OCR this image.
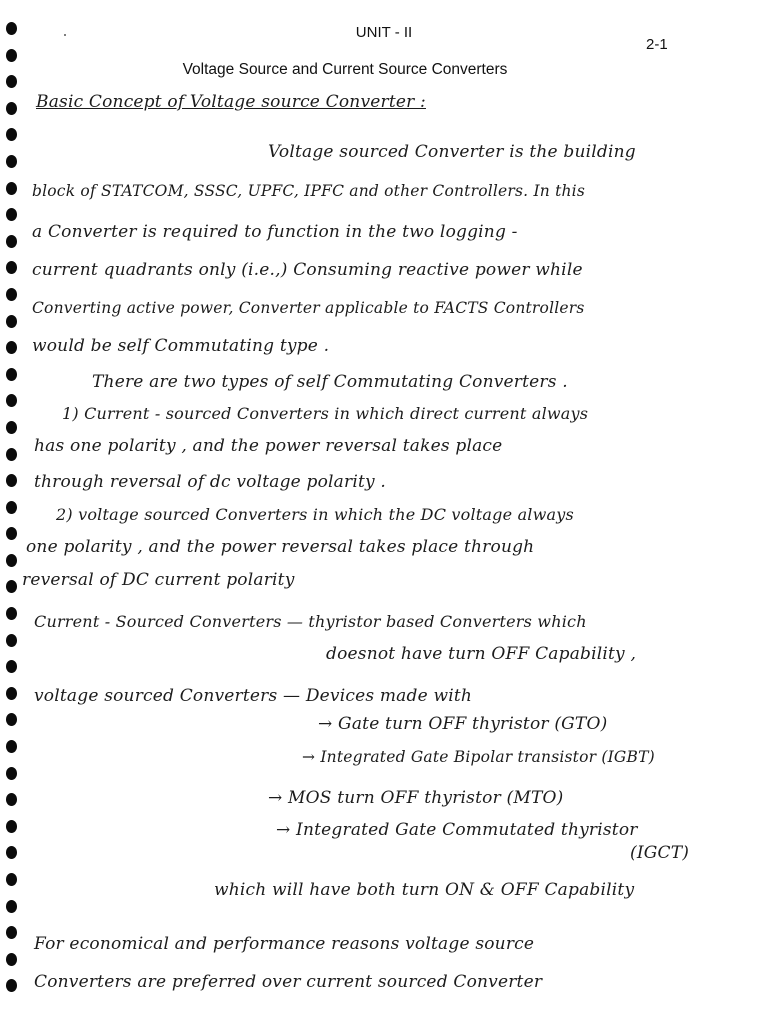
UNIT - II
2-1
Voltage Source and Current Source Converters
Basic Concept of Voltage source Converter :
Voltage sourced Converter is the building
block of STATCOM, SSSC, UPFC, IPFC and other Controllers. In this
a Converter is required to function in the two logging -
current quadrants only (i.e.,) Consuming reactive power while
Converting active power, Converter applicable to FACTS Controllers
would be self Commutating type .
There are two types of self Commutating Converters .
1) Current - sourced Converters in which direct current always
has one polarity , and the power reversal takes place
through reversal of dc voltage polarity .
2) voltage sourced Converters in which the DC voltage always
one polarity , and the power reversal takes place through
reversal of DC current polarity
Current - Sourced Converters — thyristor based Converters which
doesnot have turn OFF Capability ,
voltage sourced Converters — Devices made with
→ Gate turn OFF thyristor (GTO)
→ Integrated Gate Bipolar transistor (IGBT)
→ MOS turn OFF thyristor (MTO)
→ Integrated Gate Commutated thyristor
(IGCT)
which will have both turn ON & OFF Capability
For economical and performance reasons voltage source
Converters are preferred over current sourced Converter
